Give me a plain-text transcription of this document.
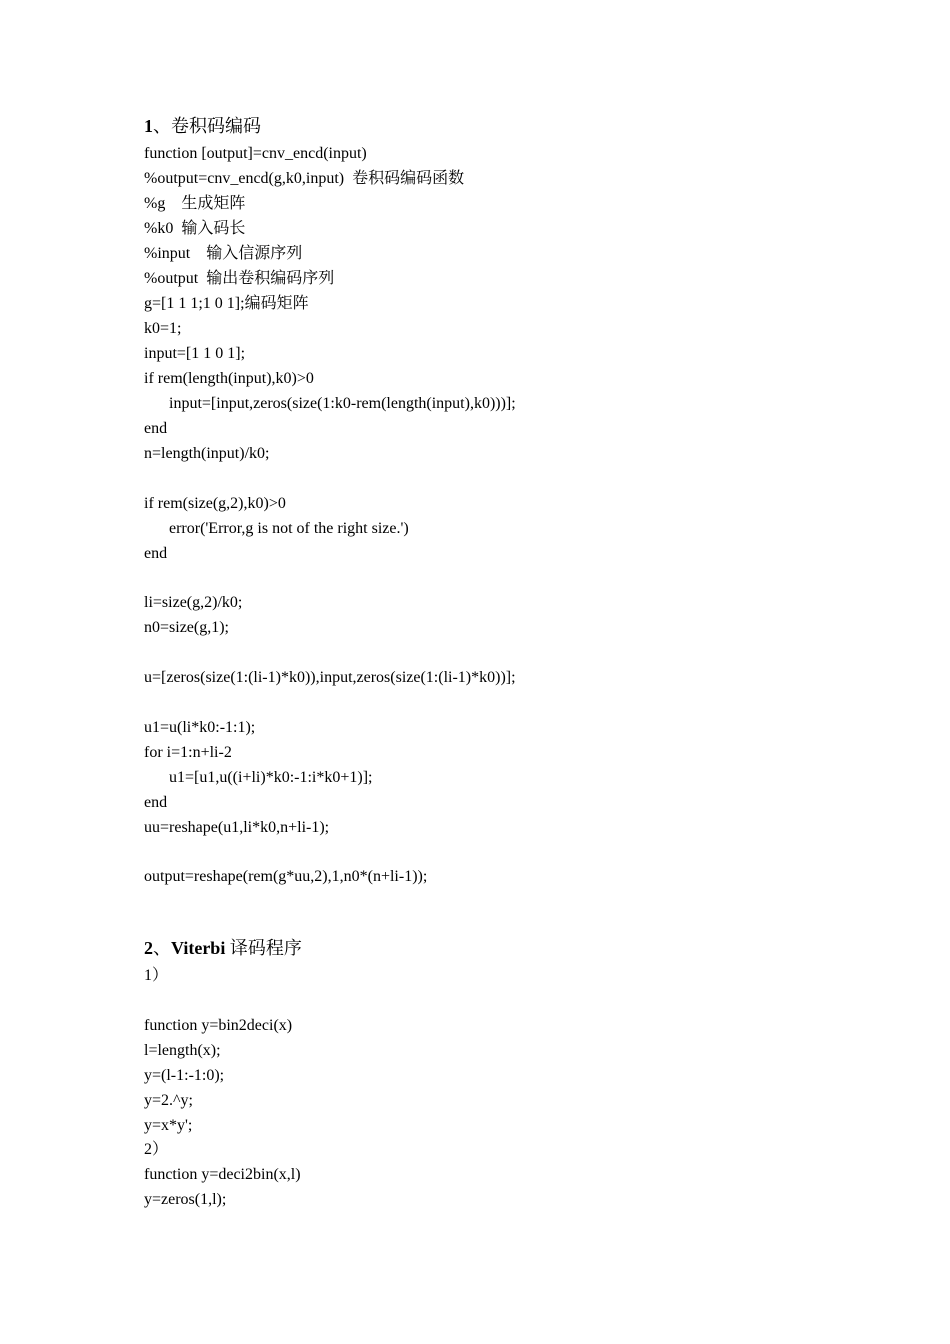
1、卷积码编码
function [output]=cnv_encd(input)
%output=cnv_encd(g,k0,input)  卷积码编码函数
%g    生成矩阵
%k0  输入码长
%input    输入信源序列
%output  输出卷积编码序列
g=[1 1 1;1 0 1];编码矩阵
k0=1;
input=[1 1 0 1];
if rem(length(input),k0)>0
input=[input,zeros(size(1:k0-rem(length(input),k0)))];
end
n=length(input)/k0;
if rem(size(g,2),k0)>0
error('Error,g is not of the right size.')
end
li=size(g,2)/k0;
n0=size(g,1);
u=[zeros(size(1:(li-1)*k0)),input,zeros(size(1:(li-1)*k0))];
u1=u(li*k0:-1:1);
for i=1:n+li-2
u1=[u1,u((i+li)*k0:-1:i*k0+1)];
end
uu=reshape(u1,li*k0,n+li-1);
output=reshape(rem(g*uu,2),1,n0*(n+li-1));
2、Viterbi 译码程序
1）
function y=bin2deci(x)
l=length(x);
y=(l-1:-1:0);
y=2.^y;
y=x*y';
2）
function y=deci2bin(x,l)
y=zeros(1,l);
